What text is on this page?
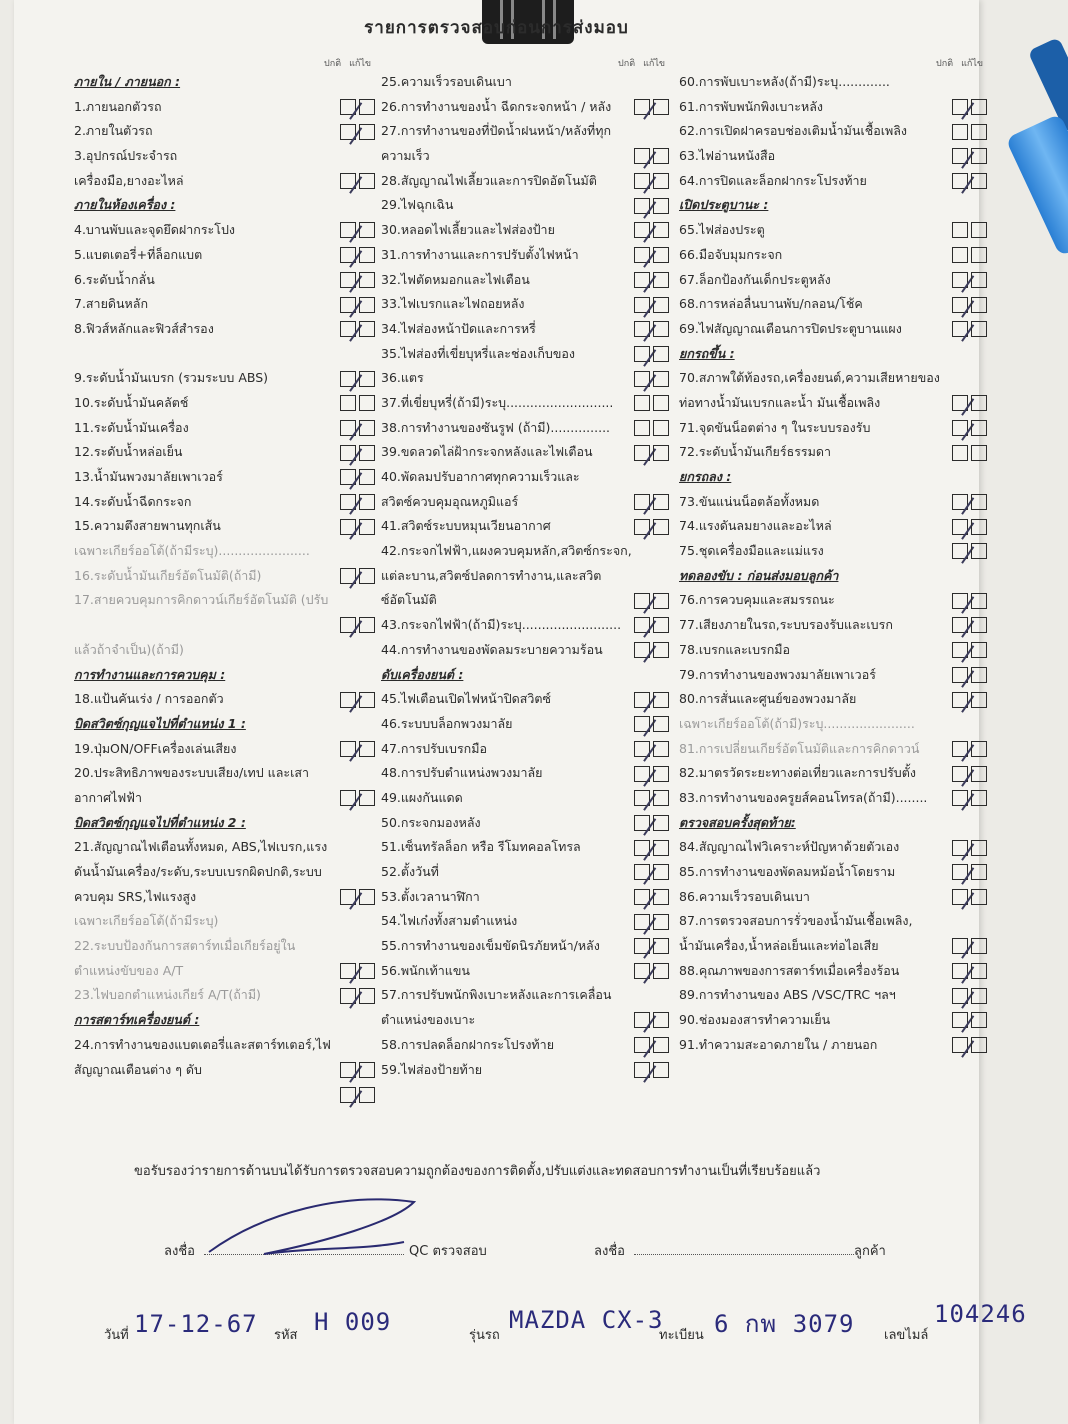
รายการตรวจสอบก่อนการส่งมอบ
ปกติ แก้ไข
ภายใน / ภายนอก :
1.ภายนอกตัวรถ
2.ภายในตัวรถ
3.อุปกรณ์ประจำรถ
เครื่องมือ,ยางอะไหล่
ภายในห้องเครื่อง :
4.บานพับและจุดยึดฝากระโปง
5.แบตเตอรี่+ที่ล็อกแบต
6.ระดับน้ำกลั่น
7.สายดินหลัก
8.ฟิวส์หลักและฟิวส์สำรอง
9.ระดับน้ำมันเบรก (รวมระบบ ABS)
10.ระดับน้ำมันคลัตช์
11.ระดับน้ำมันเครื่อง
12.ระดับน้ำหล่อเย็น
13.น้ำมันพวงมาลัยเพาเวอร์
14.ระดับน้ำฉีดกระจก
15.ความตึงสายพานทุกเส้น
เฉพาะเกียร์ออโต้(ถ้ามีระบุ).......................
16.ระดับน้ำมันเกียร์อัตโนมัติ(ถ้ามี)
17.สายควบคุมการคิกดาวน์เกียร์อัตโนมัติ (ปรับ
แล้วถ้าจำเป็น)(ถ้ามี)
การทำงานและการควบคุม :
18.แป้นคันเร่ง / การออกตัว
บิดสวิตซ์กุญแจไปที่ตำแหน่ง 1 :
19.ปุ่มON/OFFเครื่องเล่นเสียง
20.ประสิทธิภาพของระบบเสียง/เทป และเสา
อากาศไฟฟ้า
บิดสวิตซ์กุญแจไปที่ตำแหน่ง 2 :
21.สัญญาณไฟเตือนทั้งหมด, ABS,ไฟเบรก,แรง
ดันน้ำมันเครื่อง/ระดับ,ระบบเบรกผิดปกติ,ระบบ
ควบคุม SRS,ไฟแรงสูง
เฉพาะเกียร์ออโต้(ถ้ามีระบุ)
22.ระบบป้องกันการสตาร์ทเมื่อเกียร์อยู่ใน
ตำแหน่งขับของ A/T
23.ไฟบอกตำแหน่งเกียร์ A/T(ถ้ามี)
การสตาร์ทเครื่องยนต์ :
24.การทำงานของแบตเตอรี่และสตาร์ทเตอร์,ไฟ
สัญญาณเตือนต่าง ๆ ดับ
ปกติ แก้ไข
25.ความเร็วรอบเดินเบา
26.การทำงานของน้ำ ฉีดกระจกหน้า / หลัง
27.การทำงานของที่ปัดน้ำฝนหน้า/หลังที่ทุก
ความเร็ว
28.สัญญาณไฟเลี้ยวและการปิดอัตโนมัติ
29.ไฟฉุกเฉิน
30.หลอดไฟเลี้ยวและไฟส่องป้าย
31.การทำงานและการปรับตั้งไฟหน้า
32.ไฟตัดหมอกและไฟเตือน
33.ไฟเบรกและไฟถอยหลัง
34.ไฟส่องหน้าปัดและการหรี่
35.ไฟส่องที่เขี่ยบุหรี่และช่องเก็บของ
36.แตร
37.ที่เขี่ยบุหรี่(ถ้ามี)ระบุ...........................
38.การทำงานของซันรูฟ (ถ้ามี)...............
39.ขดลวดไล่ฝ้ากระจกหลังและไฟเตือน
40.พัดลมปรับอากาศทุกความเร็วและ
สวิตซ์ควบคุมอุณหภูมิแอร์
41.สวิตซ์ระบบหมุนเวียนอากาศ
42.กระจกไฟฟ้า,แผงควบคุมหลัก,สวิตซ์กระจก,
แต่ละบาน,สวิตซ์ปลดการทำงาน,และสวิต
ซ์อัตโนมัติ
43.กระจกไฟฟ้า(ถ้ามี)ระบุ.........................
44.การทำงานของพัดลมระบายความร้อน
ดับเครื่องยนต์ :
45.ไฟเตือนเปิดไฟหน้าปิดสวิตซ์
46.ระบบบล็อกพวงมาลัย
47.การปรับเบรกมือ
48.การปรับตำแหน่งพวงมาลัย
49.แผงกันแดด
50.กระจกมองหลัง
51.เซ็นทรัลล็อก หรือ รีโมทคอลโทรล
52.ตั้งวันที่
53.ตั้งเวลานาฬิกา
54.ไฟเก๋งทั้งสามตำแหน่ง
55.การทำงานของเข็มขัดนิรภัยหน้า/หลัง
56.พนักเท้าแขน
57.การปรับพนักพิงเบาะหลังและการเคลื่อน
ตำแหน่งของเบาะ
58.การปลดล็อกฝากระโปรงท้าย
59.ไฟส่องป้ายท้าย
ปกติ แก้ไข
60.การพับเบาะหลัง(ถ้ามี)ระบุ.............
61.การพับพนักพิงเบาะหลัง
62.การเปิดฝาครอบช่องเติมน้ำมันเชื้อเพลิง
63.ไฟอ่านหนังสือ
64.การปิดและล็อกฝากระโปรงท้าย
เปิดประตูบานะ :
65.ไฟส่องประตู
66.มือจับมุมกระจก
67.ล็อกป้องกันเด็กประตูหลัง
68.การหล่อลื่นบานพับ/กลอน/โช้ค
69.ไฟสัญญาณเตือนการปิดประตูบานแผง
ยกรถขึ้น :
70.สภาพใต้ท้องรถ,เครื่องยนต์,ความเสียหายของ
ท่อทางน้ำมันเบรกและน้ำ มันเชื้อเพลิง
71.จุดขันน็อตต่าง ๆ ในระบบรองรับ
72.ระดับน้ำมันเกียร์ธรรมดา
ยกรถลง :
73.ขันแน่นน็อตล้อทั้งหมด
74.แรงดันลมยางและอะไหล่
75.ชุดเครื่องมือและแม่แรง
ทดลองขับ : ก่อนส่งมอบลูกค้า
76.การควบคุมและสมรรถนะ
77.เสียงภายในรถ,ระบบรองรับและเบรก
78.เบรกและเบรกมือ
79.การทำงานของพวงมาลัยเพาเวอร์
80.การสั่นและศูนย์ของพวงมาลัย
เฉพาะเกียร์ออโต้(ถ้ามี)ระบุ.......................
81.การเปลี่ยนเกียร์อัตโนมัติและการคิกดาวน์
82.มาตรวัดระยะทางต่อเที่ยวและการปรับตั้ง
83.การทำงานของครูยส์คอนโทรล(ถ้ามี)........
ตรวจสอบครั้งสุดท้าย:
84.สัญญาณไฟวิเคราะห์ปัญหาด้วยตัวเอง
85.การทำงานของพัดลมหม้อน้ำโดยราม
86.ความเร็วรอบเดินเบา
87.การตรวจสอบการรั่วของน้ำมันเชื้อเพลิง,
น้ำมันเครื่อง,น้ำหล่อเย็นและท่อไอเสีย
88.คุณภาพของการสตาร์ทเมื่อเครื่องร้อน
89.การทำงานของ ABS /VSC/TRC ฯลฯ
90.ช่องมองสารทำความเย็น
91.ทำความสะอาดภายใน / ภายนอก
ขอรับรองว่ารายการด้านบนได้รับการตรวจสอบความถูกต้องของการติดตั้ง,ปรับแต่งและทดสอบการทำงานเป็นที่เรียบร้อยแล้ว
ลงชื่อ	QC ตรวจสอบ	ลงชื่อ	ลูกค้า
วันที่ 17-12-67 รหัส H 009	รุ่นรถ
MAZDA CX-3
ทะเบียน 6 กพ 3079 เลขไมล์
104246
